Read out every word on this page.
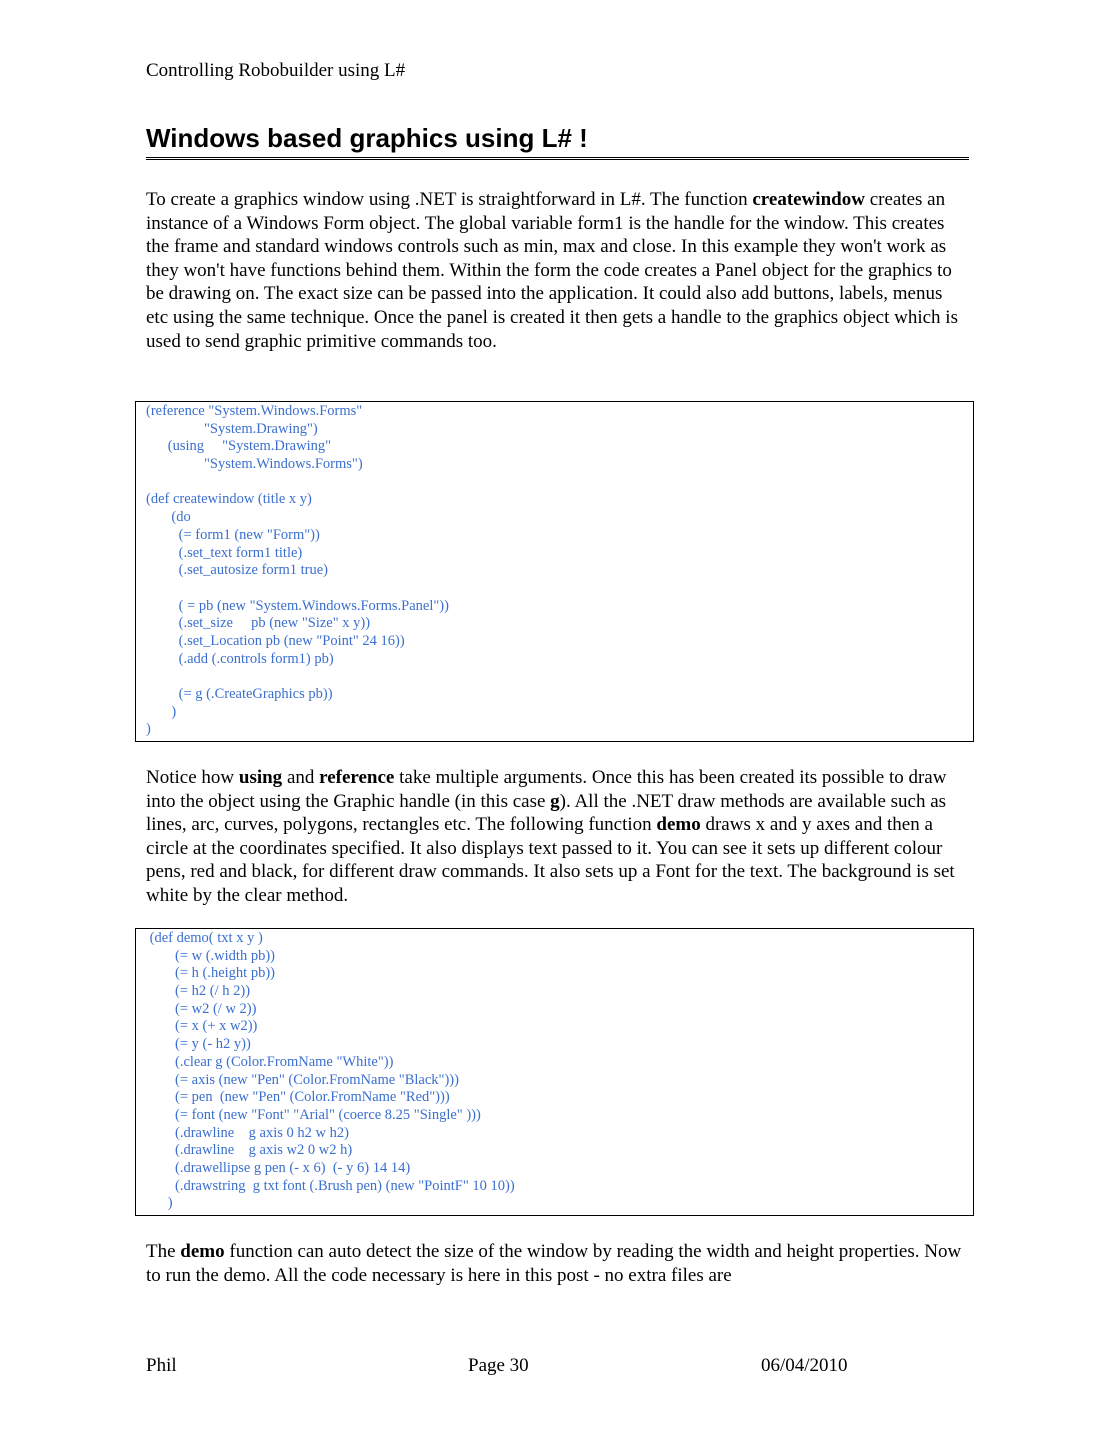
Controlling Robobuilder using L#
Windows based graphics using L# !

To create a graphics window using .NET is straightforward in L#. The function createwindow creates an instance of a Windows Form object. The global variable form1 is the handle for the window. This creates the frame and standard windows controls such as min, max and close. In this example they won't work as they won't have functions behind them. Within the form the code creates a Panel object for the graphics to be drawing on. The exact size can be passed into the application. It could also add buttons, labels, menus etc using the same technique. Once the panel is created it then gets a handle to the graphics object which is used to send graphic primitive commands too.

(reference "System.Windows.Forms"
"System.Drawing")
(using     "System.Drawing"
"System.Windows.Forms")
(def createwindow (title x y)
(do
(= form1 (new "Form"))
(.set_text form1 title)
(.set_autosize form1 true)
( = pb (new "System.Windows.Forms.Panel"))
(.set_size     pb (new "Size" x y))
(.set_Location pb (new "Point" 24 16))
(.add (.controls form1) pb)
(= g (.CreateGraphics pb))
)
)

Notice how using and reference take multiple arguments. Once this has been created its possible to draw into the object using the Graphic handle (in this case g). All the .NET draw methods are available such as lines, arc, curves, polygons, rectangles etc. The following function demo draws x and y axes and then a circle at the coordinates specified. It also displays text passed to it. You can see it sets up different colour pens, red and black, for different draw commands. It also sets up a Font for the text. The background is set white by the clear method.

(def demo( txt x y )
(= w (.width pb))
(= h (.height pb))
(= h2 (/ h 2))
(= w2 (/ w 2))
(= x (+ x w2))
(= y (- h2 y))
(.clear g (Color.FromName "White"))
(= axis (new "Pen" (Color.FromName "Black")))
(= pen  (new "Pen" (Color.FromName "Red")))
(= font (new "Font" "Arial" (coerce 8.25 "Single" )))
(.drawline    g axis 0 h2 w h2)
(.drawline    g axis w2 0 w2 h)
(.drawellipse g pen (- x 6)  (- y 6) 14 14)
(.drawstring  g txt font (.Brush pen) (new "PointF" 10 10))
)

The demo function can auto detect the size of the window by reading the width and height properties. Now to run the demo. All the code necessary is here in this post - no extra files are

Phil	Page 30	06/04/2010
